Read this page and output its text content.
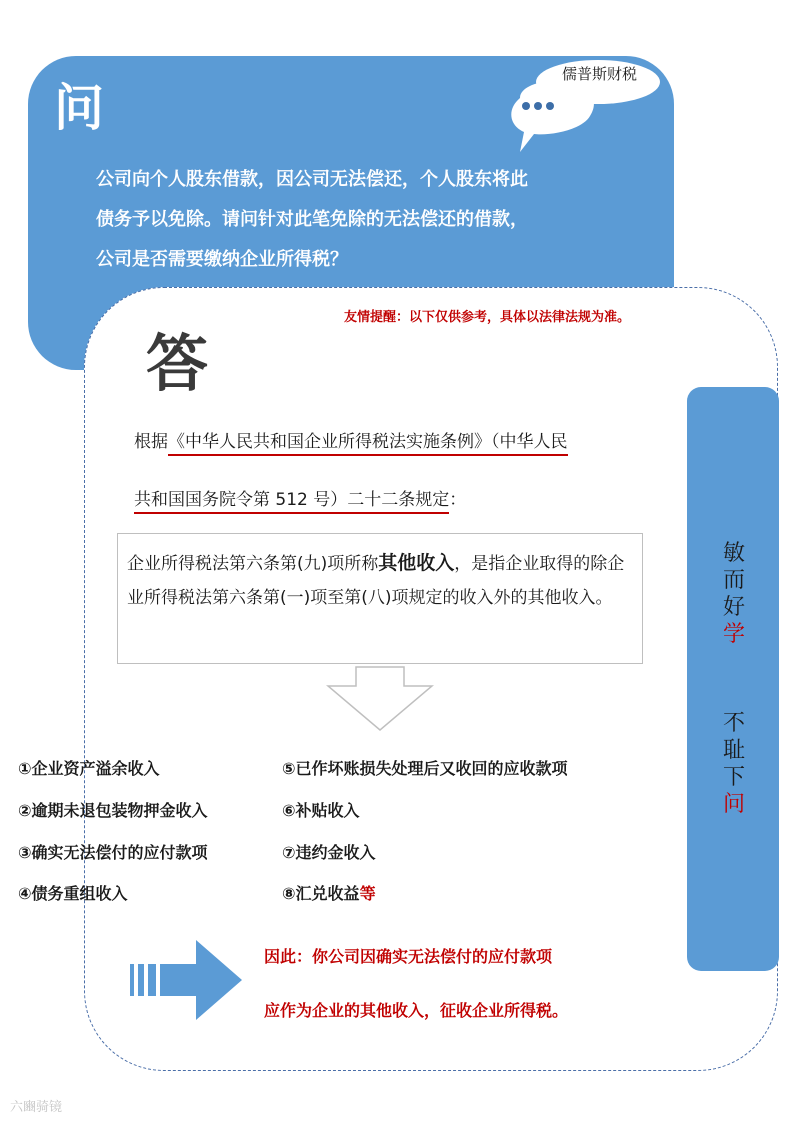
问
儒普斯财税
公司向个人股东借款，因公司无法偿还，个人股东将此
债务予以免除。请问针对此笔免除的无法偿还的借款，
公司是否需要缴纳企业所得税？
友情提醒：以下仅供参考，具体以法律法规为准。
答
根据《中华人民共和国企业所得税法实施条例》（中华人民
共和国国务院令第 512 号）二十二条规定：
企业所得税法第六条第(九)项所称其他收入，是指企业取得的除企业所得税法第六条第(一)项至第(八)项规定的收入外的其他收入。
①企业资产溢余收入
②逾期未退包装物押金收入
③确实无法偿付的应付款项
④债务重组收入
⑤已作坏账损失处理后又收回的应收款项
⑥补贴收入
⑦违约金收入
⑧汇兑收益等
因此：你公司因确实无法偿付的应付款项
应作为企业的其他收入，征收企业所得税。
敏
而
好
学
不
耻
下
问
六豳骑镜
